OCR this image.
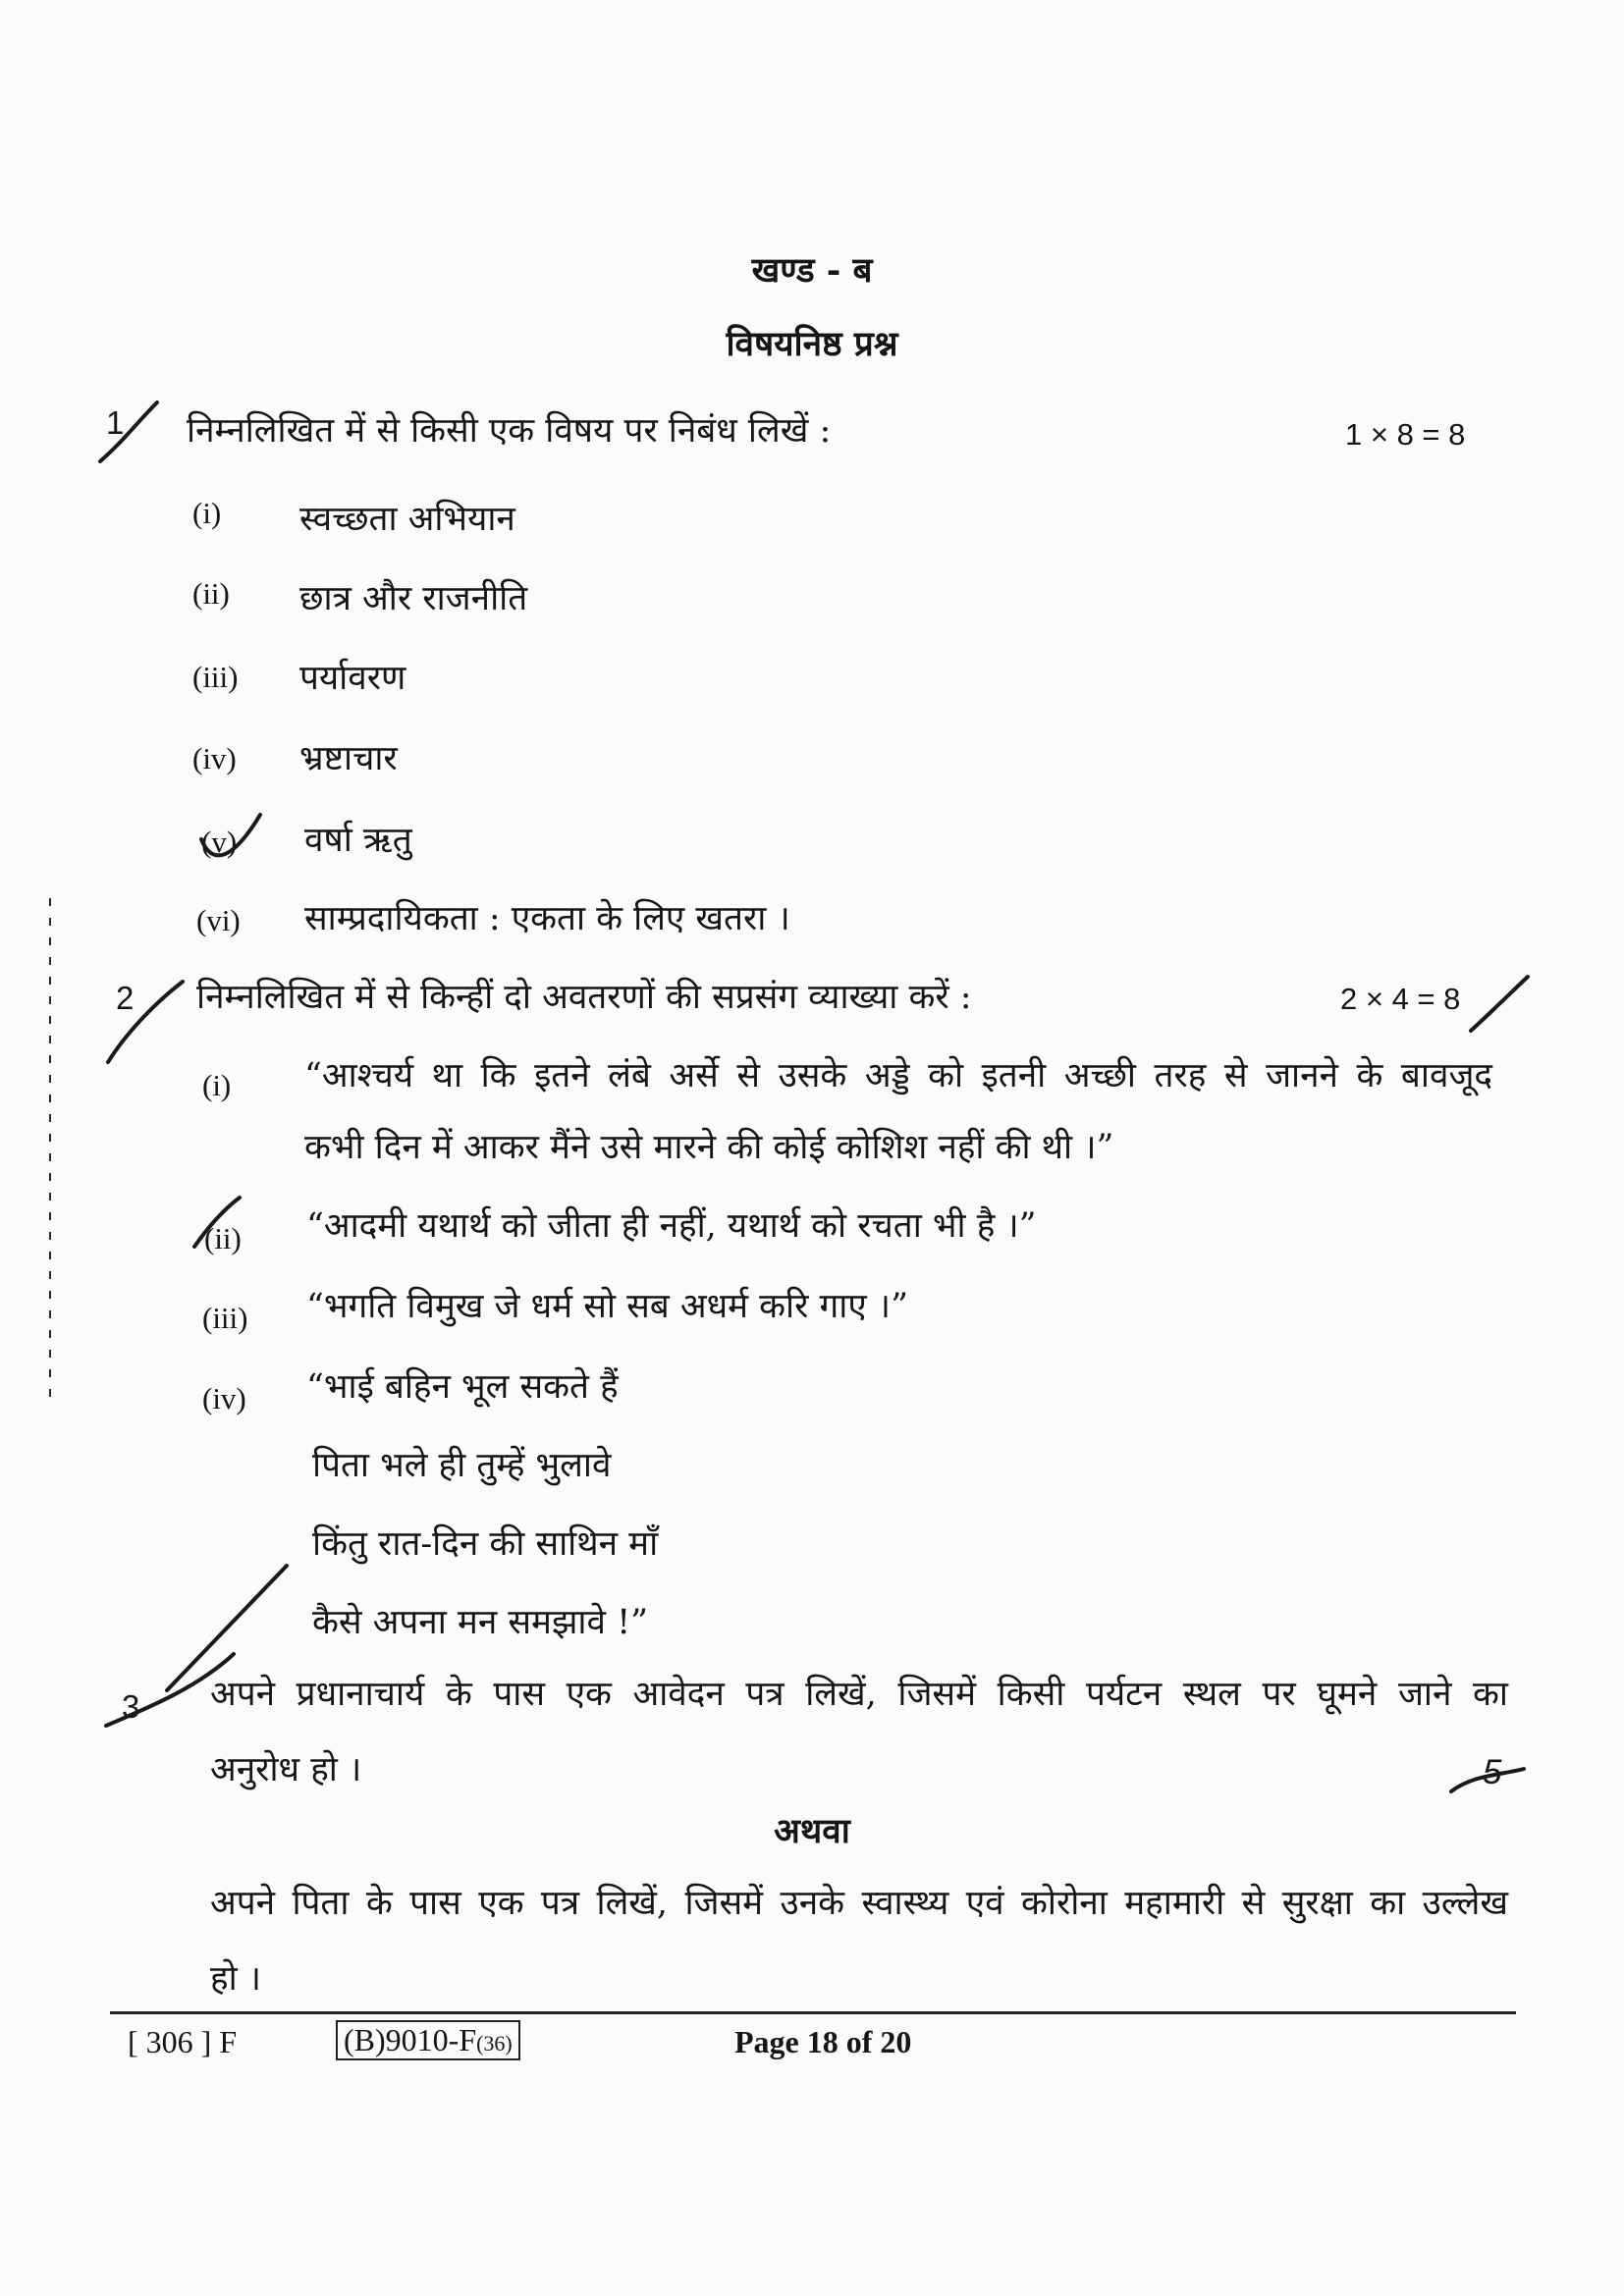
खण्ड - ब
विषयनिष्ठ प्रश्न
1 निम्नलिखित में से किसी एक विषय पर निबंध लिखें :	1 × 8 = 8
(i) स्वच्छता अभियान
(ii) छात्र और राजनीति
(iii) पर्यावरण
(iv) भ्रष्टाचार
(v) वर्षा ऋतु
(vi) साम्प्रदायिकता : एकता के लिए खतरा ।
2 निम्नलिखित में से किन्हीं दो अवतरणों की सप्रसंग व्याख्या करें :	2 × 4 = 8
(i) “आश्चर्य था कि इतने लंबे अर्से से उसके अड्डे को इतनी अच्छी तरह से जानने के बावजूद
कभी दिन में आकर मैंने उसे मारने की कोई कोशिश नहीं की थी ।”
(ii) “आदमी यथार्थ को जीता ही नहीं, यथार्थ को रचता भी है ।”
(iii) “भगति विमुख जे धर्म सो सब अधर्म करि गाए ।”
(iv) “भाई बहिन भूल सकते हैं
पिता भले ही तुम्हें भुलावे
किंतु रात-दिन की साथिन माँ
कैसे अपना मन समझावे !”
3 अपने प्रधानाचार्य के पास एक आवेदन पत्र लिखें, जिसमें किसी पर्यटन स्थल पर घूमने जाने का
अनुरोध हो ।	5
अथवा
अपने पिता के पास एक पत्र लिखें, जिसमें उनके स्वास्थ्य एवं कोरोना महामारी से सुरक्षा का उल्लेख
हो ।
[ 306 ] F	(B)9010-F(36)	Page 18 of 20
